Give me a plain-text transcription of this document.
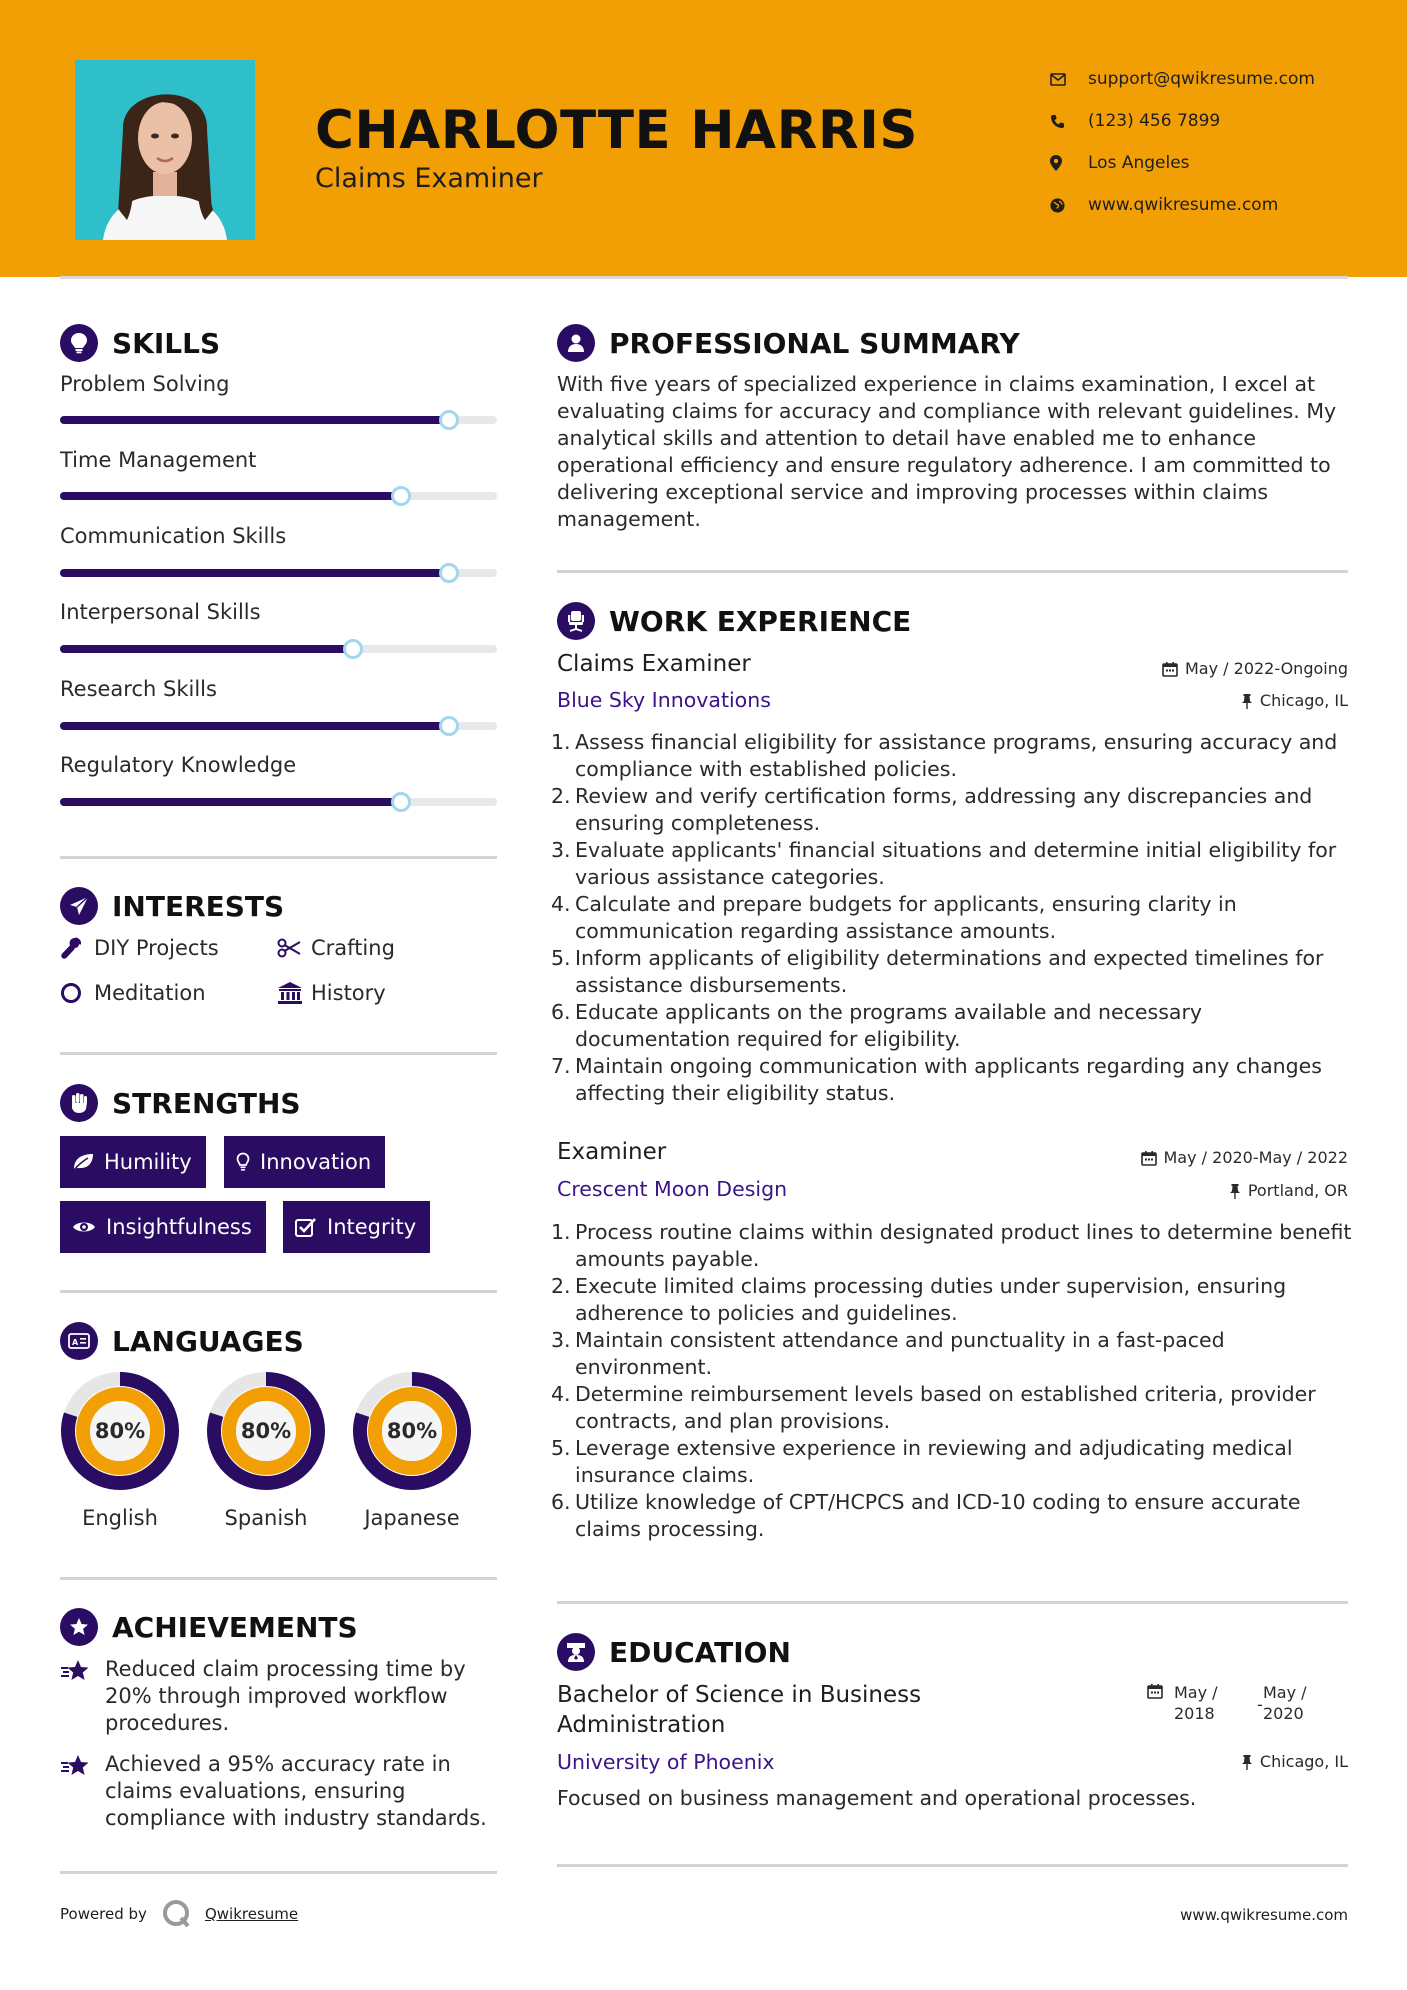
CHARLOTTE HARRIS
Claims Examiner
support@qwikresume.com
(123) 456 7899
Los Angeles
www.qwikresume.com
SKILLS
Problem Solving
Time Management
Communication Skills
Interpersonal Skills
Research Skills
Regulatory Knowledge
INTERESTS
DIY Projects	Crafting
Meditation	History
STRENGTHS
Humility	Innovation
Insightfulness	Integrity
A LANGUAGES
80%
English
80%
Spanish
80%
Japanese
ACHIEVEMENTS
Reduced claim processing time by 20% through improved workflow procedures.
Achieved a 95% accuracy rate in claims evaluations, ensuring compliance with industry standards.
PROFESSIONAL SUMMARY
With five years of specialized experience in claims examination, I excel at evaluating claims for accuracy and compliance with relevant guidelines. My analytical skills and attention to detail have enabled me to enhance operational efficiency and ensure regulatory adherence. I am committed to delivering exceptional service and improving processes within claims management.
WORK EXPERIENCE
Claims Examiner	May / 2022-Ongoing
Blue Sky Innovations	Chicago, IL
1. Assess financial eligibility for assistance programs, ensuring accuracy and compliance with established policies.
2. Review and verify certification forms, addressing any discrepancies and ensuring completeness.
3. Evaluate applicants' financial situations and determine initial eligibility for various assistance categories.
4. Calculate and prepare budgets for applicants, ensuring clarity in communication regarding assistance amounts.
5. Inform applicants of eligibility determinations and expected timelines for assistance disbursements.
6. Educate applicants on the programs available and necessary documentation required for eligibility.
7. Maintain ongoing communication with applicants regarding any changes affecting their eligibility status.
Examiner	May / 2020-May / 2022
Crescent Moon Design	Portland, OR
1. Process routine claims within designated product lines to determine benefit amounts payable.
2. Execute limited claims processing duties under supervision, ensuring adherence to policies and guidelines.
3. Maintain consistent attendance and punctuality in a fast-paced environment.
4. Determine reimbursement levels based on established criteria, provider contracts, and plan provisions.
5. Leverage extensive experience in reviewing and adjudicating medical insurance claims.
6. Utilize knowledge of CPT/HCPCS and ICD-10 coding to ensure accurate claims processing.
EDUCATION
Bachelor of Science in Business Administration
May /
2018	-
May /
2020
University of Phoenix	Chicago, IL
Focused on business management and operational processes.
Powered by	Qwikresume	www.qwikresume.com
